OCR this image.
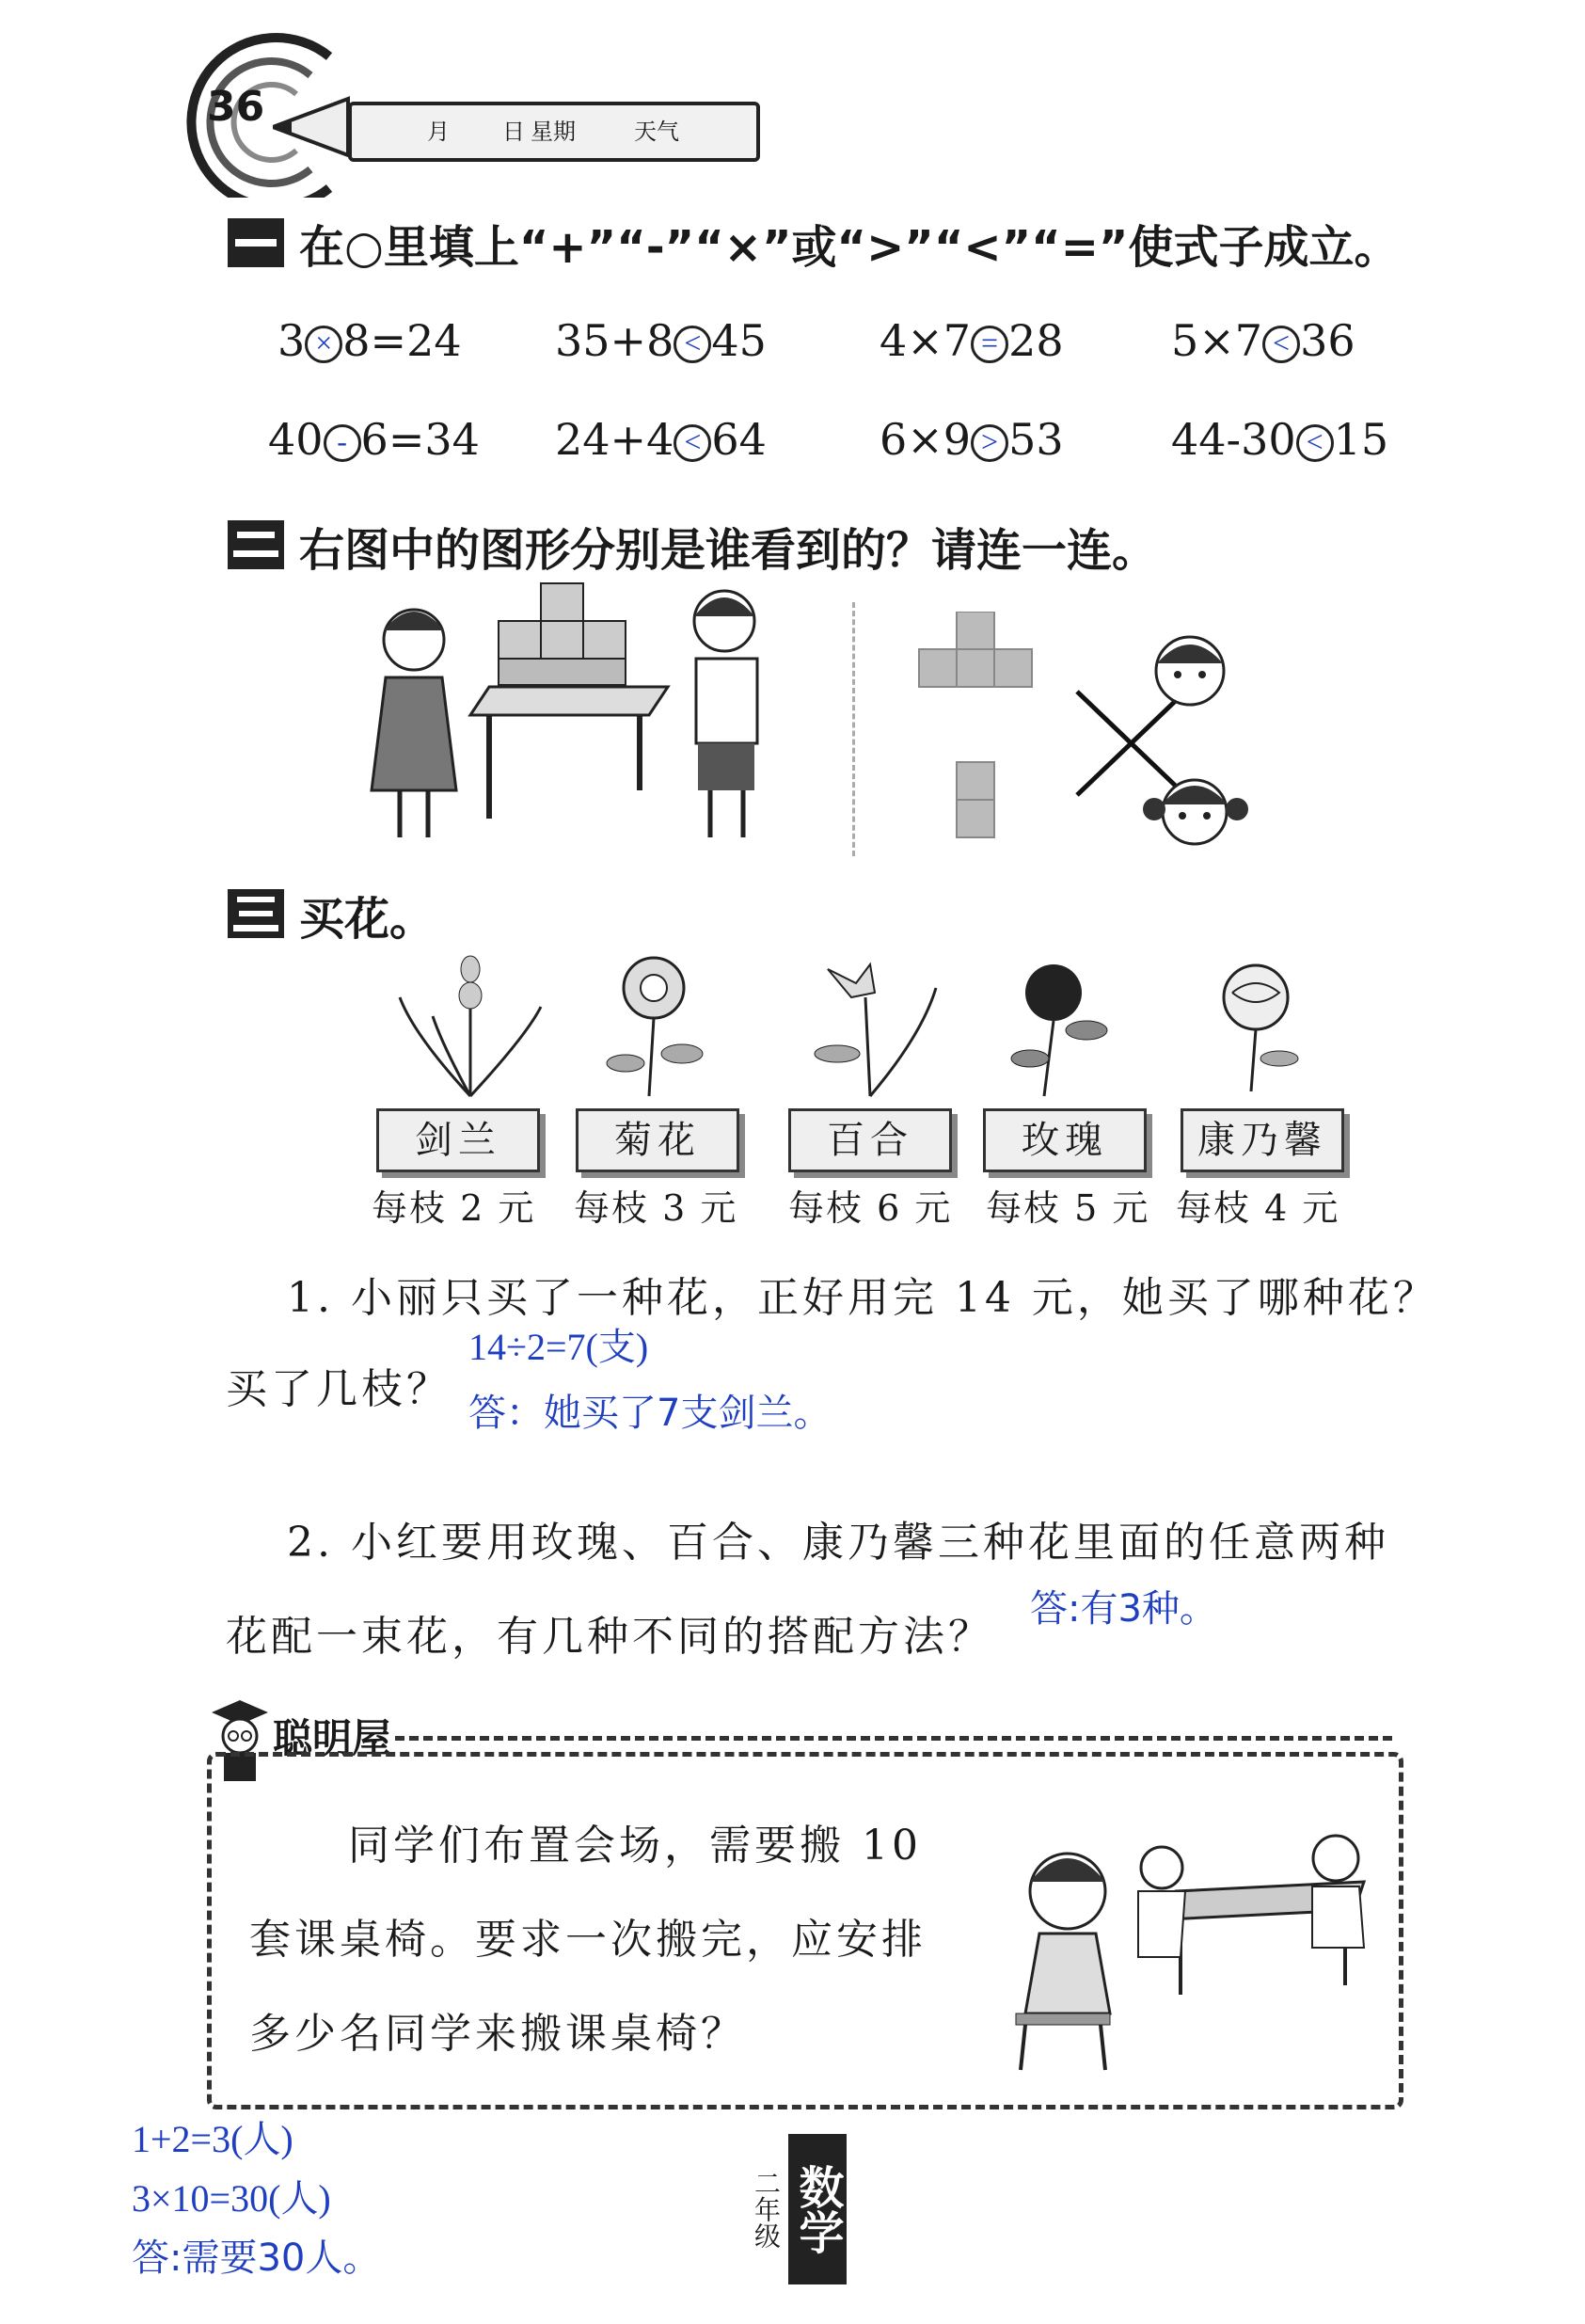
36
月 日 星期	天气
在○里填上“+”“-”“×”或“>”“<”“=”使式子成立。
3 × 8=24 35+8 < 45	4×7 = 28 5×7 < 36
40 - 6=34 24+4 < 64	6×9 > 53 44-30 < 15
右图中的图形分别是谁看到的？请连一连。
买花。
剑兰	菊花	百合	玫瑰	康乃馨
每枝 2 元 每枝 3 元 每枝 6 元 每枝 5 元 每枝 4 元
1. 小丽只买了一种花，正好用完 14 元，她买了哪种花？
买了几枝？
14÷2=7(支)
答：她买了7支剑兰。
2. 小红要用玫瑰、百合、康乃馨三种花里面的任意两种
花配一束花，有几种不同的搭配方法？
答:有3种。
聪明屋
同学们布置会场，需要搬 10
套课桌椅。要求一次搬完，应安排
多少名同学来搬课桌椅？
1+2=3(人)
3×10=30(人)
答:需要30人。
二年级 数学
